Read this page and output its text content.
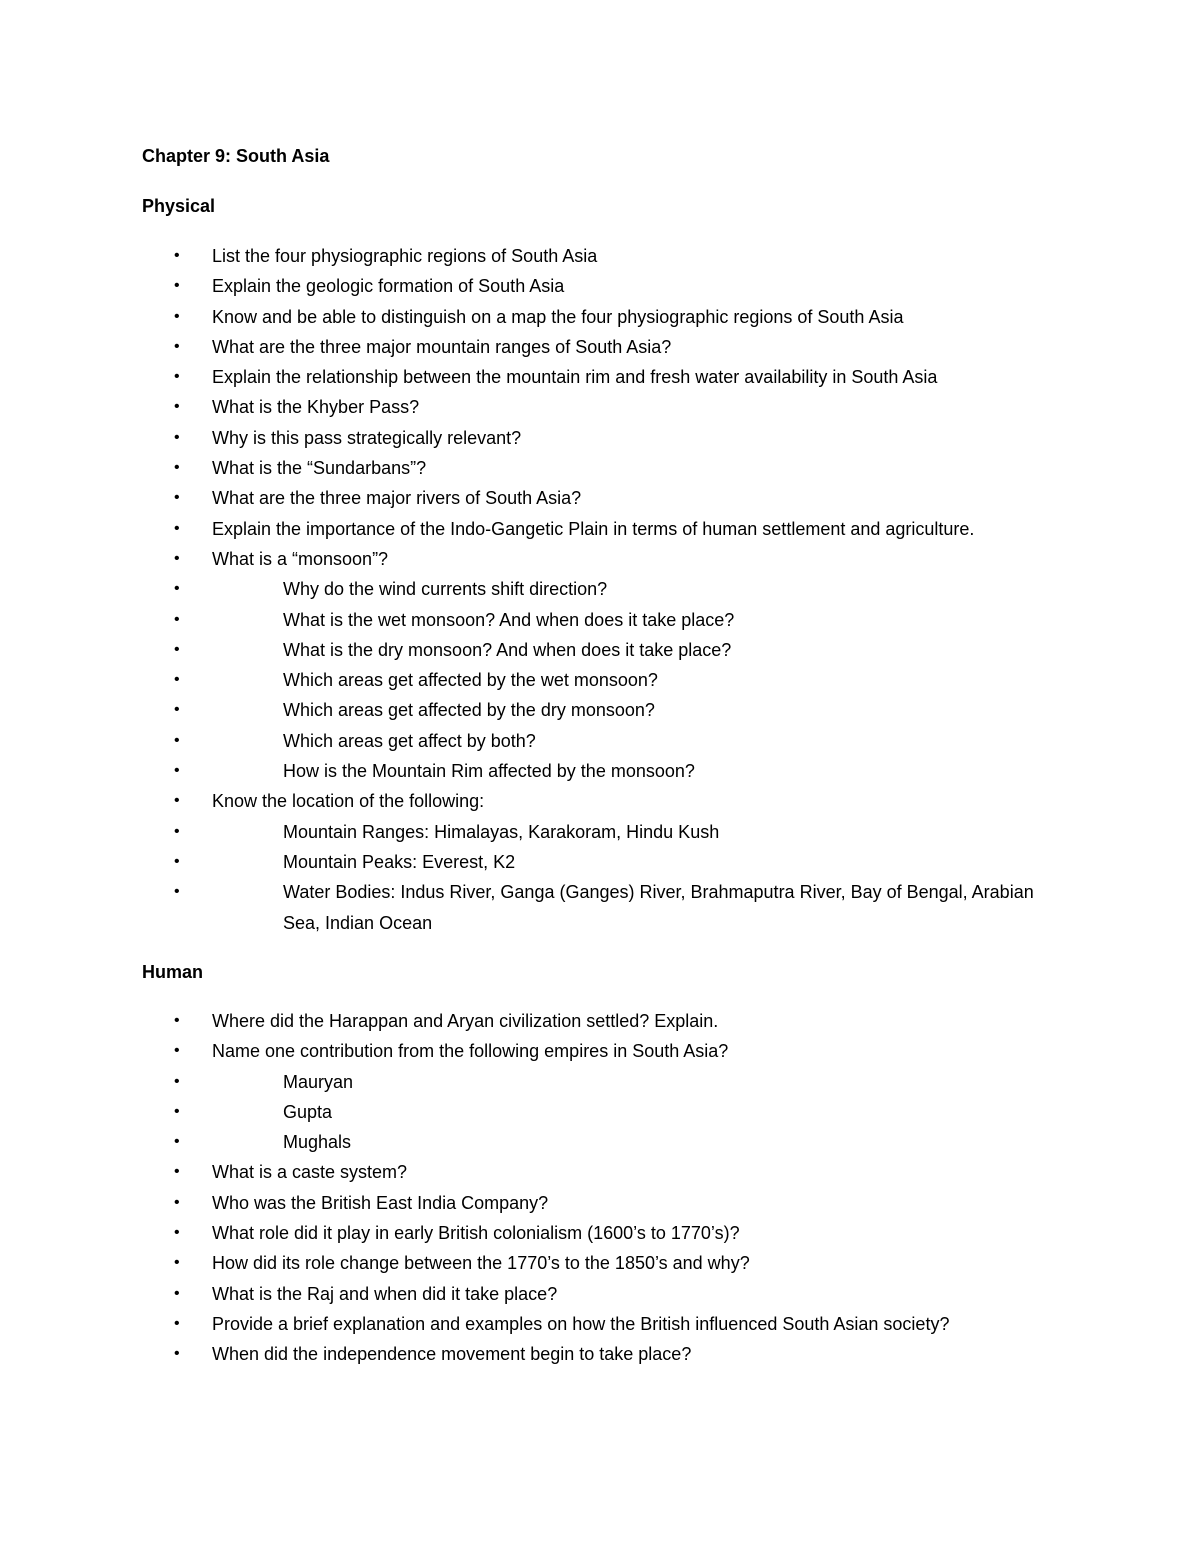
Chapter 9: South Asia
Physical
• List the four physiographic regions of South Asia
• Explain the geologic formation of South Asia
• Know and be able to distinguish on a map the four physiographic regions of South Asia
• What are the three major mountain ranges of South Asia?
• Explain the relationship between the mountain rim and fresh water availability in South Asia
• What is the Khyber Pass?
• Why is this pass strategically relevant?
• What is the “Sundarbans”?
• What are the three major rivers of South Asia?
• Explain the importance of the Indo-Gangetic Plain in terms of human settlement and agriculture.
• What is a “monsoon”?
•	Why do the wind currents shift direction?
•	What is the wet monsoon? And when does it take place?
•	What is the dry monsoon? And when does it take place?
•	Which areas get affected by the wet monsoon?
•	Which areas get affected by the dry monsoon?
•	Which areas get affect by both?
•	How is the Mountain Rim affected by the monsoon?
• Know the location of the following:
•	Mountain Ranges: Himalayas, Karakoram, Hindu Kush
•	Mountain Peaks: Everest, K2
•	Water Bodies: Indus River, Ganga (Ganges) River, Brahmaputra River, Bay of Bengal, Arabian Sea, Indian Ocean
Human
• Where did the Harappan and Aryan civilization settled? Explain.
• Name one contribution from the following empires in South Asia?
•	Mauryan
•	Gupta
•	Mughals
• What is a caste system?
• Who was the British East India Company?
• What role did it play in early British colonialism (1600’s to 1770’s)?
• How did its role change between the 1770’s to the 1850’s and why?
• What is the Raj and when did it take place?
• Provide a brief explanation and examples on how the British influenced South Asian society?
• When did the independence movement begin to take place?
